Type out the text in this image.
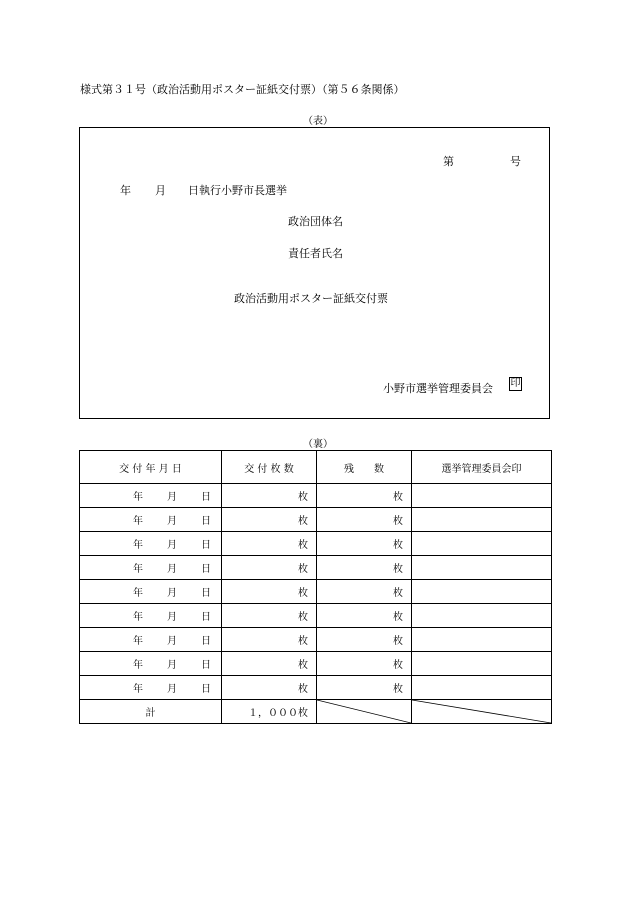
様式第３１号（政治活動用ポスター証紙交付票）（第５６条関係）
（表）
第	号
年 月 日執行小野市長選挙
政治団体名
責任者氏名
政治活動用ポスター証紙交付票
小野市選挙管理委員会 印
（裏）
交 付 年 月 日	交 付 枚 数	残　　数	選挙管理委員会印
年 月 日	枚	枚	
年 月 日	枚	枚	
年 月 日	枚	枚	
年 月 日	枚	枚	
年 月 日	枚	枚	
年 月 日	枚	枚	
年 月 日	枚	枚	
年 月 日	枚	枚	
年 月 日	枚	枚	
計	１，０００枚	
